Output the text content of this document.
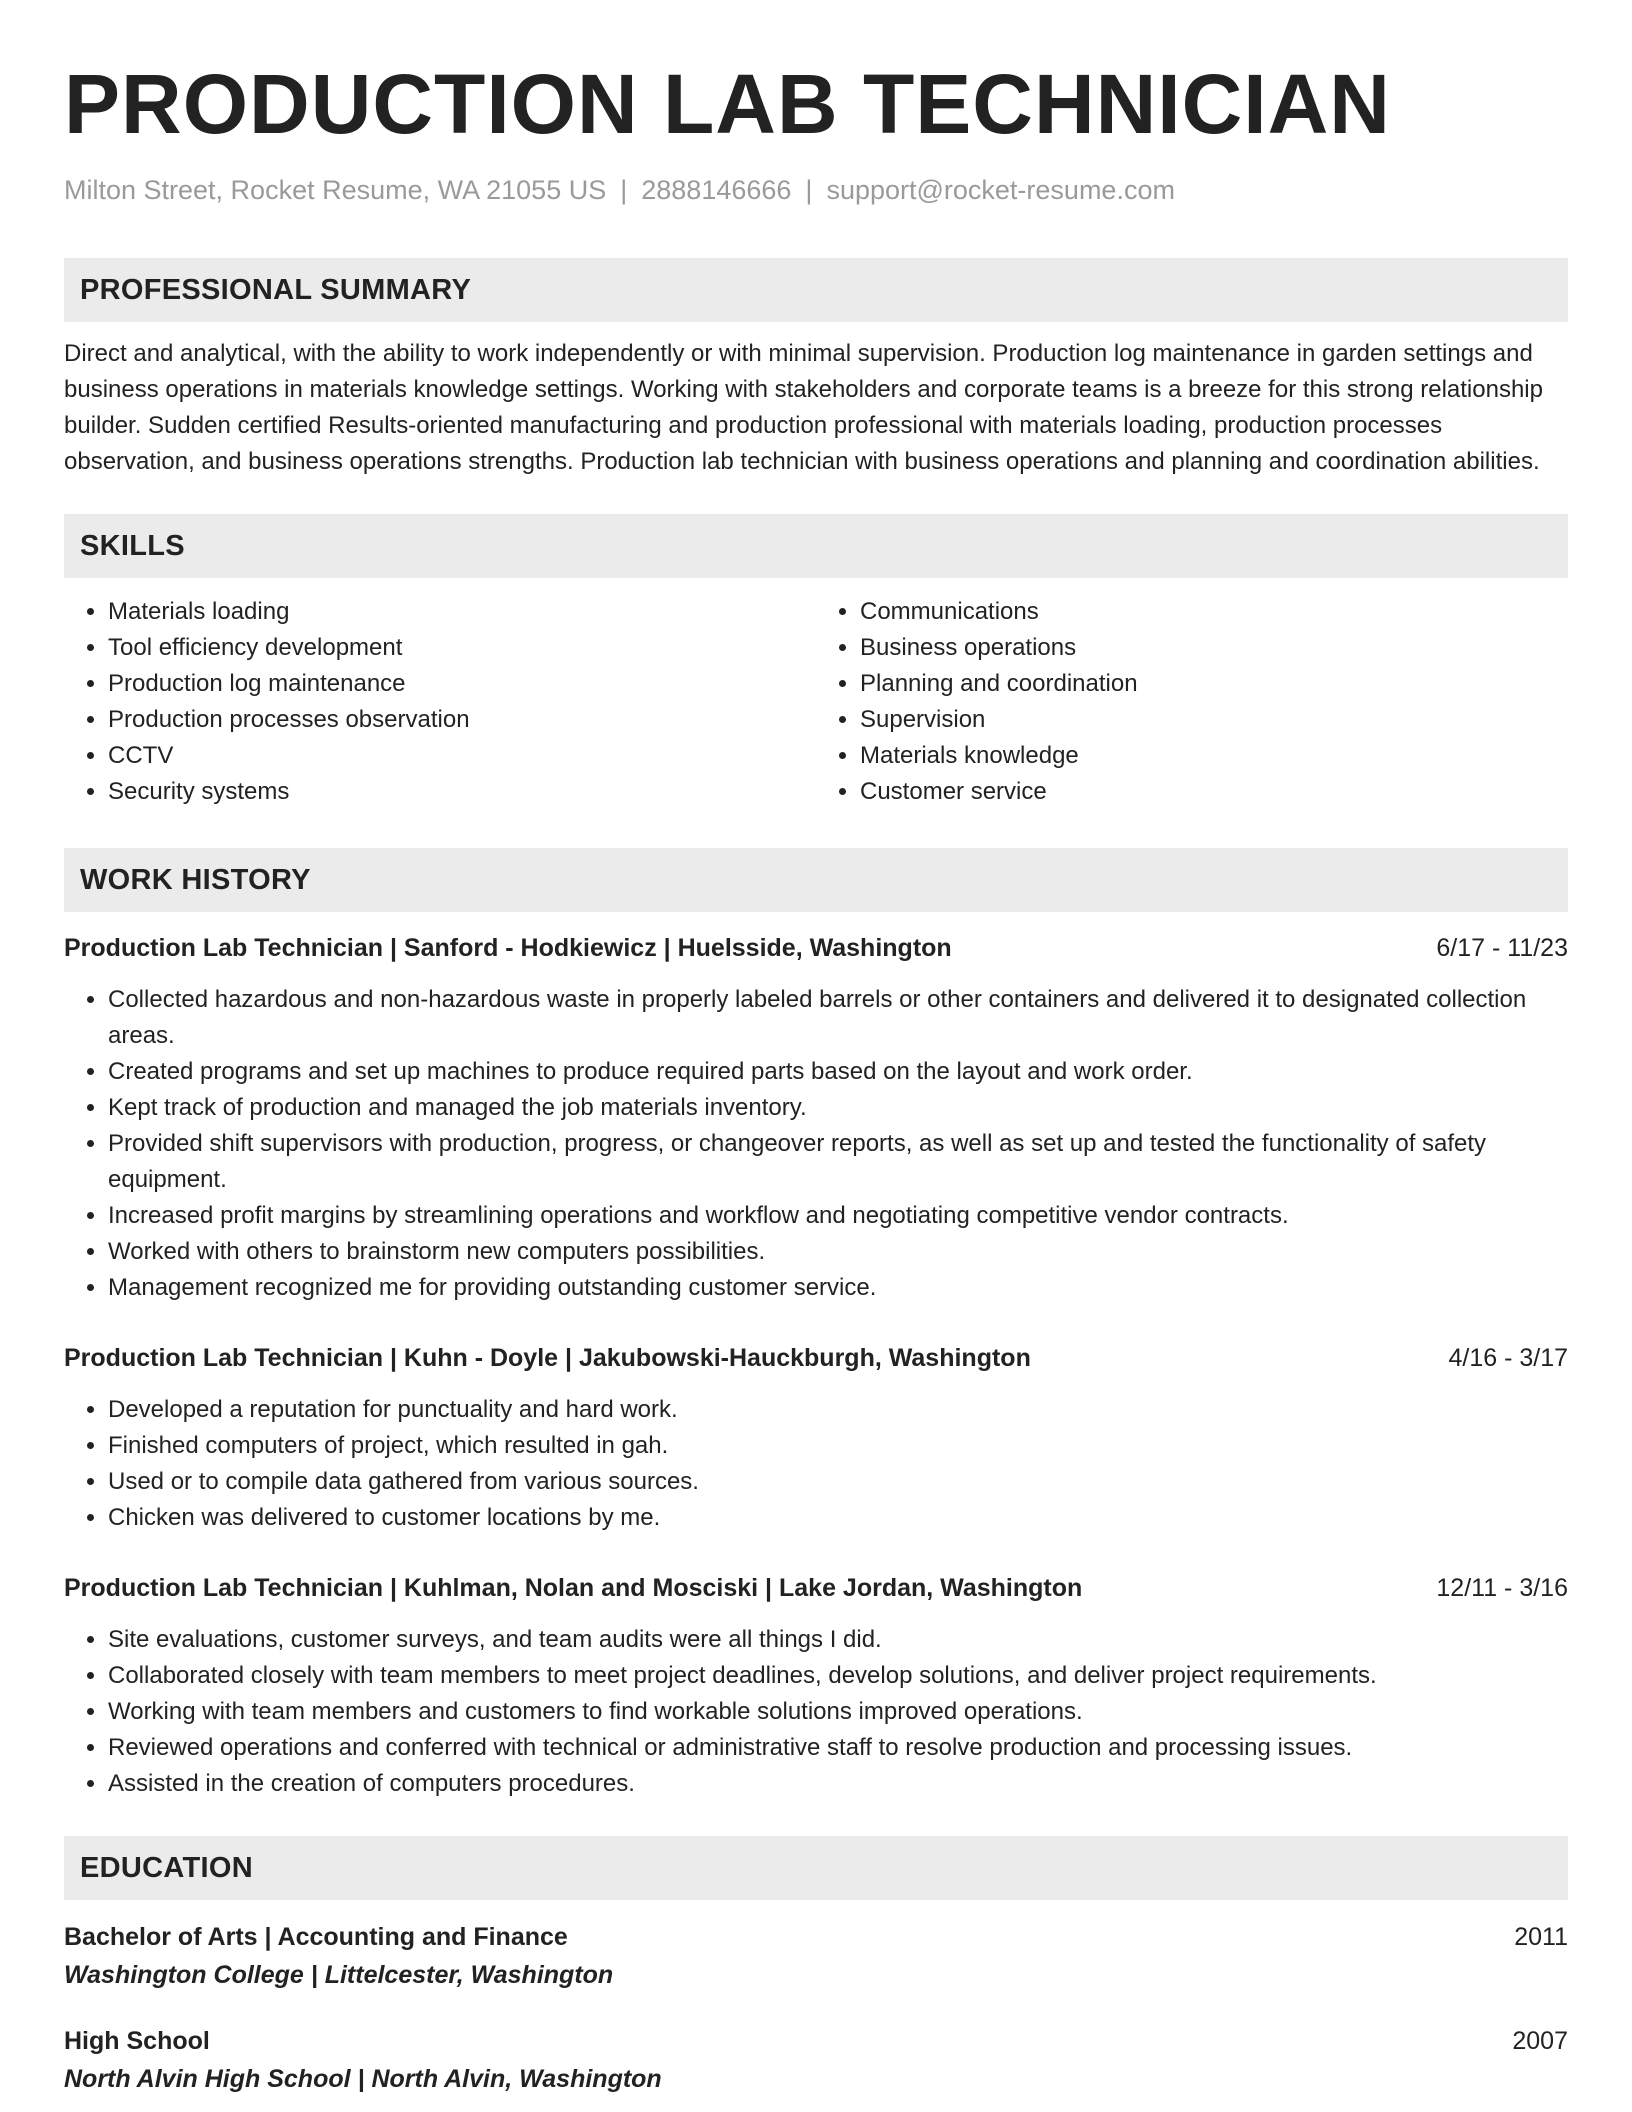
PRODUCTION LAB TECHNICIAN
Milton Street, Rocket Resume, WA 21055 US | 2888146666 | support@rocket-resume.com
PROFESSIONAL SUMMARY
Direct and analytical, with the ability to work independently or with minimal supervision. Production log maintenance in garden settings and business operations in materials knowledge settings. Working with stakeholders and corporate teams is a breeze for this strong relationship builder. Sudden certified Results-oriented manufacturing and production professional with materials loading, production processes observation, and business operations strengths. Production lab technician with business operations and planning and coordination abilities.
SKILLS
• Materials loading
• Tool efficiency development
• Production log maintenance
• Production processes observation
• CCTV
• Security systems
• Communications
• Business operations
• Planning and coordination
• Supervision
• Materials knowledge
• Customer service
WORK HISTORY
Production Lab Technician | Sanford - Hodkiewicz | Huelsside, Washington	6/17 - 11/23
• Collected hazardous and non-hazardous waste in properly labeled barrels or other containers and delivered it to designated collection areas.
• Created programs and set up machines to produce required parts based on the layout and work order.
• Kept track of production and managed the job materials inventory.
• Provided shift supervisors with production, progress, or changeover reports, as well as set up and tested the functionality of safety equipment.
• Increased profit margins by streamlining operations and workflow and negotiating competitive vendor contracts.
• Worked with others to brainstorm new computers possibilities.
• Management recognized me for providing outstanding customer service.
Production Lab Technician | Kuhn - Doyle | Jakubowski-Hauckburgh, Washington	4/16 - 3/17
• Developed a reputation for punctuality and hard work.
• Finished computers of project, which resulted in gah.
• Used or to compile data gathered from various sources.
• Chicken was delivered to customer locations by me.
Production Lab Technician | Kuhlman, Nolan and Mosciski | Lake Jordan, Washington	12/11 - 3/16
• Site evaluations, customer surveys, and team audits were all things I did.
• Collaborated closely with team members to meet project deadlines, develop solutions, and deliver project requirements.
• Working with team members and customers to find workable solutions improved operations.
• Reviewed operations and conferred with technical or administrative staff to resolve production and processing issues.
• Assisted in the creation of computers procedures.
EDUCATION
Bachelor of Arts | Accounting and Finance	2011
Washington College | Littelcester, Washington
High School	2007
North Alvin High School | North Alvin, Washington
